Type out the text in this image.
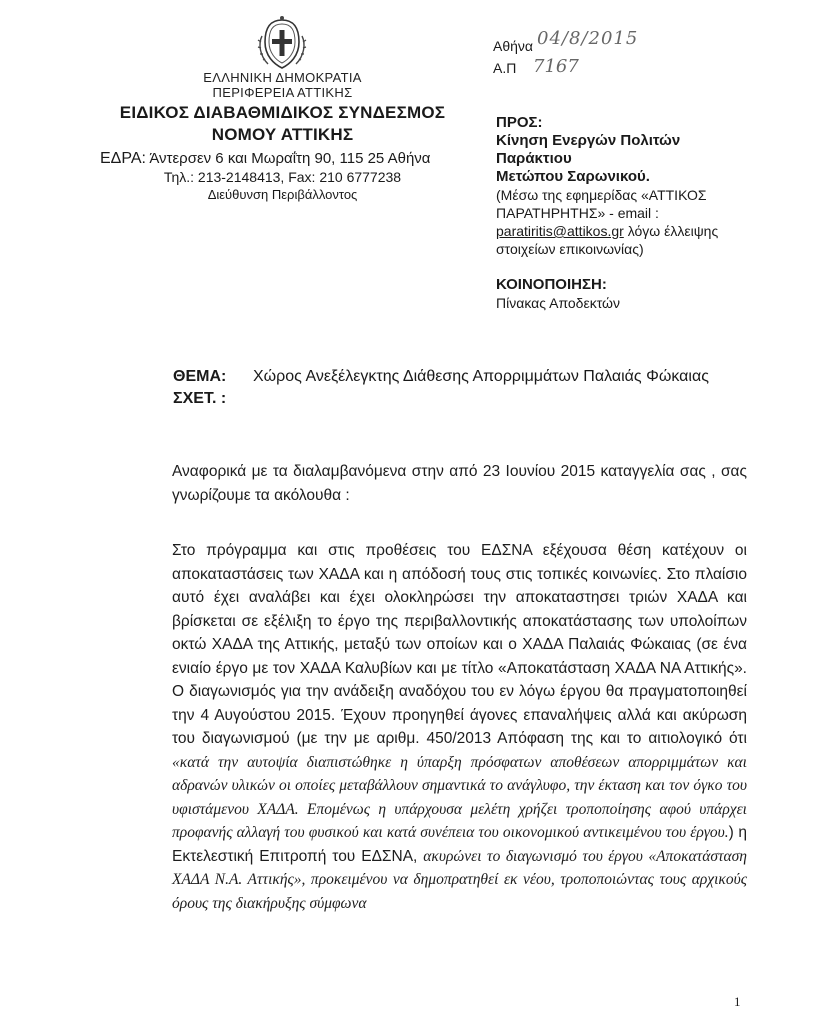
ΕΛΛΗΝΙΚΗ ΔΗΜΟΚΡΑΤΙΑ
ΠΕΡΙΦΕΡΕΙΑ ΑΤΤΙΚΗΣ
ΕΙΔΙΚΟΣ ΔΙΑΒΑΘΜΙΔΙΚΟΣ ΣΥΝΔΕΣΜΟΣ
ΝΟΜΟΥ ΑΤΤΙΚΗΣ
ΕΔΡΑ: Άντερσεν 6 και Μωραΐτη 90, 115 25 Αθήνα
Τηλ.: 213-2148413, Fax: 210 6777238
Διεύθυνση Περιβάλλοντος
Αθήνα 04/8/2015
Α.Π 7167
ΠΡΟΣ:
Κίνηση Ενεργών Πολιτών
Παράκτιου
Μετώπου Σαρωνικού.
(Μέσω της εφημερίδας «ΑΤΤΙΚΟΣ
ΠΑΡΑΤΗΡΗΤΗΣ» - email :
paratiritis@attikos.gr λόγω έλλειψης
στοιχείων επικοινωνίας)
ΚΟΙΝΟΠΟΙΗΣΗ:
Πίνακας Αποδεκτών
ΘΕΜΑ: Χώρος Ανεξέλεγκτης Διάθεσης Απορριμμάτων Παλαιάς Φώκαιας
ΣΧΕΤ. :

Αναφορικά με τα διαλαμβανόμενα στην από 23 Ιουνίου 2015 καταγγελία σας , σας γνωρίζουμε τα ακόλουθα :

Στο πρόγραμμα και στις προθέσεις του ΕΔΣΝΑ εξέχουσα θέση κατέχουν οι αποκαταστάσεις των ΧΑΔΑ και η απόδοσή τους στις τοπικές κοινωνίες. Στο πλαίσιο αυτό έχει αναλάβει και έχει ολοκληρώσει την αποκαταστησει τριών ΧΑΔΑ και βρίσκεται σε εξέλιξη το έργο της περιβαλλοντικής αποκατάστασης των υπολοίπων οκτώ ΧΑΔΑ της Αττικής, μεταξύ των οποίων και ο ΧΑΔΑ Παλαιάς Φώκαιας (σε ένα ενιαίο έργο με τον ΧΑΔΑ Καλυβίων και με τίτλο «Αποκατάσταση ΧΑΔΑ ΝΑ Αττικής». Ο διαγωνισμός για την ανάδειξη αναδόχου του εν λόγω έργου θα πραγματοποιηθεί την 4 Αυγούστου 2015. Έχουν προηγηθεί άγονες επαναλήψεις αλλά και ακύρωση του διαγωνισμού (με την με αριθμ. 450/2013 Απόφαση της και το αιτιολογικό ότι «κατά την αυτοψία διαπιστώθηκε η ύπαρξη πρόσφατων αποθέσεων απορριμμάτων και αδρανών υλικών οι οποίες μεταβάλλουν σημαντικά το ανάγλυφο, την έκταση και τον όγκο του υφιστάμενου ΧΑΔΑ. Επομένως η υπάρχουσα μελέτη χρήζει τροποποίησης αφού υπάρχει προφανής αλλαγή του φυσικού και κατά συνέπεια του οικονομικού αντικειμένου του έργου.) η Εκτελεστική Επιτροπή του ΕΔΣΝΑ, ακυρώνει το διαγωνισμό του έργου «Αποκατάσταση ΧΑΔΑ Ν.Α. Αττικής», προκειμένου να δημοπρατηθεί εκ νέου, τροποποιώντας τους αρχικούς όρους της διακήρυξης σύμφωνα

1
